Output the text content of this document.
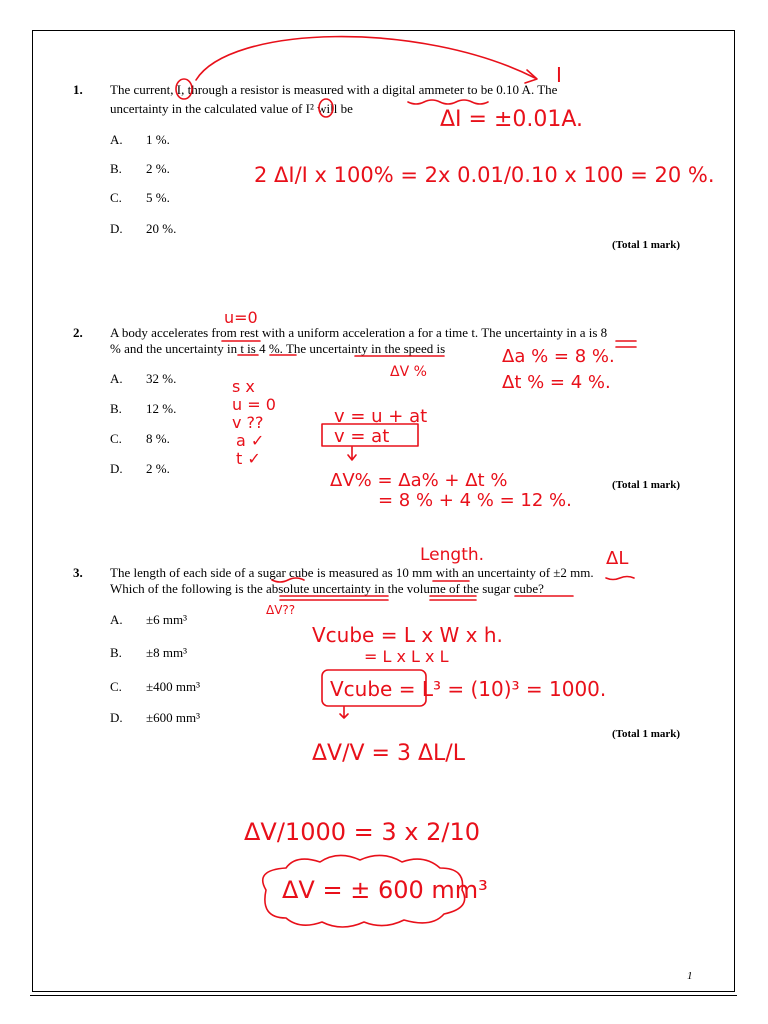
1. The current, I, through a resistor is measured with a digital ammeter to be 0.10 A. The
uncertainty in the calculated value of I² will be
A. 1 %.
B. 2 %.
C. 5 %.
D. 20 %.
(Total 1 mark)
2. A body accelerates from rest with a uniform acceleration a for a time t. The uncertainty in a is 8
% and the uncertainty in t is 4 %. The uncertainty in the speed is
A. 32 %.
B. 12 %.
C. 8 %.
D. 2 %.
(Total 1 mark)
3. The length of each side of a sugar cube is measured as 10 mm with an uncertainty of ±2 mm.
Which of the following is the absolute uncertainty in the volume of the sugar cube?
A. ±6 mm³
B. ±8 mm³
C. ±400 mm³
D. ±600 mm³
(Total 1 mark)
1
I
ΔI = ±0.01A.
2 ΔI/I x 100% = 2x 0.01/0.10 x 100 = 20 %.
u=0
ΔV %
Δa % = 8 %.
Δt % = 4 %.
s x
u = 0
v ??
a ✓
t ✓
v = u + at
v = at
ΔV% = Δa% + Δt %
= 8 % + 4 % = 12 %.
Length.	ΔL
ΔV??
Vcube = L x W x h.
= L x L x L
Vcube = L³ = (10)³ = 1000.
ΔV/V = 3 ΔL/L
ΔV/1000 = 3 x 2/10
ΔV = ± 600 mm³
